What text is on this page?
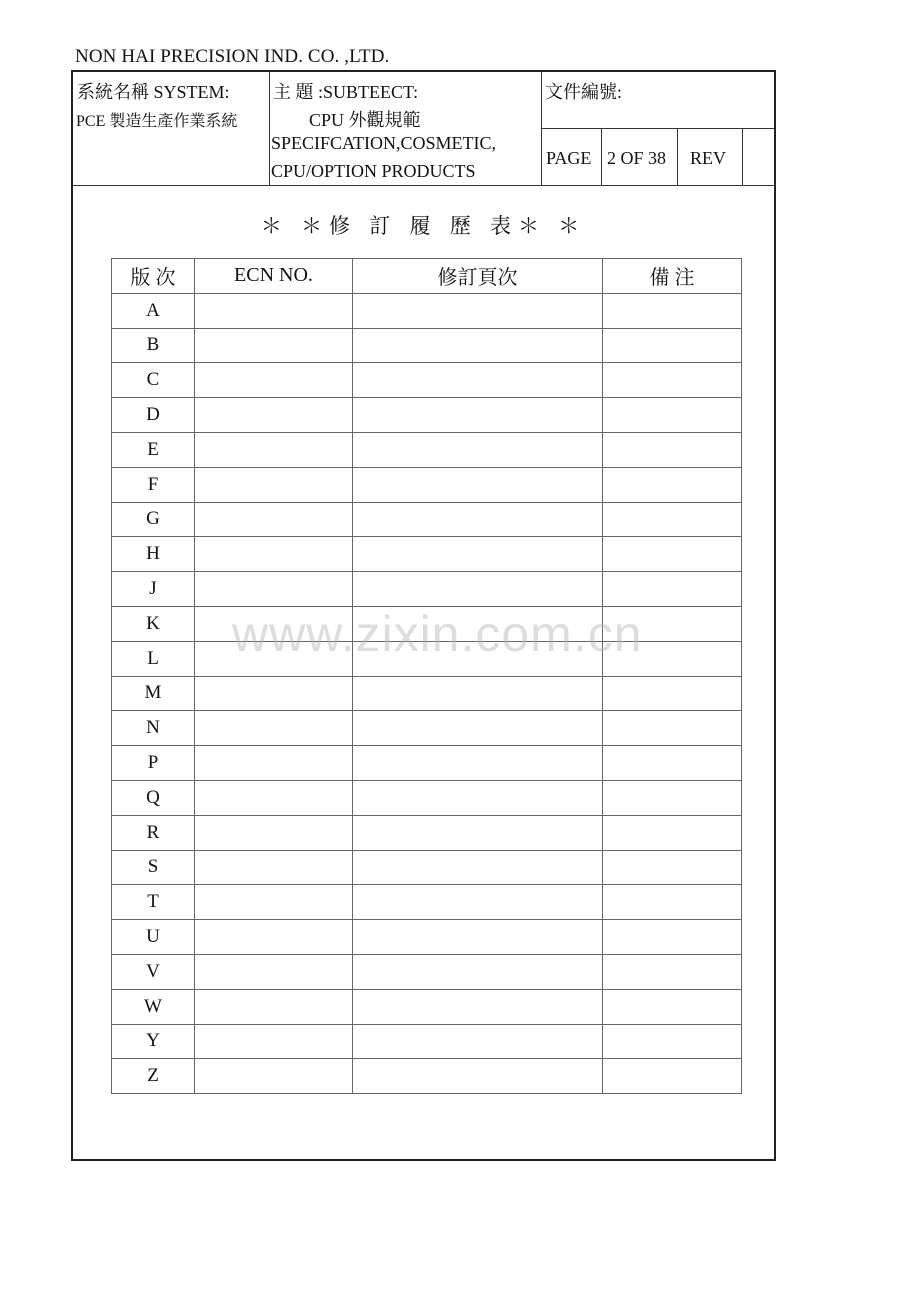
NON HAI PRECISION IND. CO. ,LTD.
系統名稱 SYSTEM:
PCE 製造生產作業系統
主 題 :SUBTEECT:
CPU 外觀規範
SPECIFCATION,COSMETIC,
CPU/OPTION PRODUCTS
文件編號:
PAGE 2 OF 38 REV
＊ ＊修 訂 履 歷 表＊ ＊
版 次	ECN NO.	修訂頁次	備 注
A			
B			
C			
D			
E			
F			
G			
H			
J			
K			
L			
M			
N			
P			
Q			
R			
S			
T			
U			
V			
W			
Y			
Z			
www.zixin.com.cn
